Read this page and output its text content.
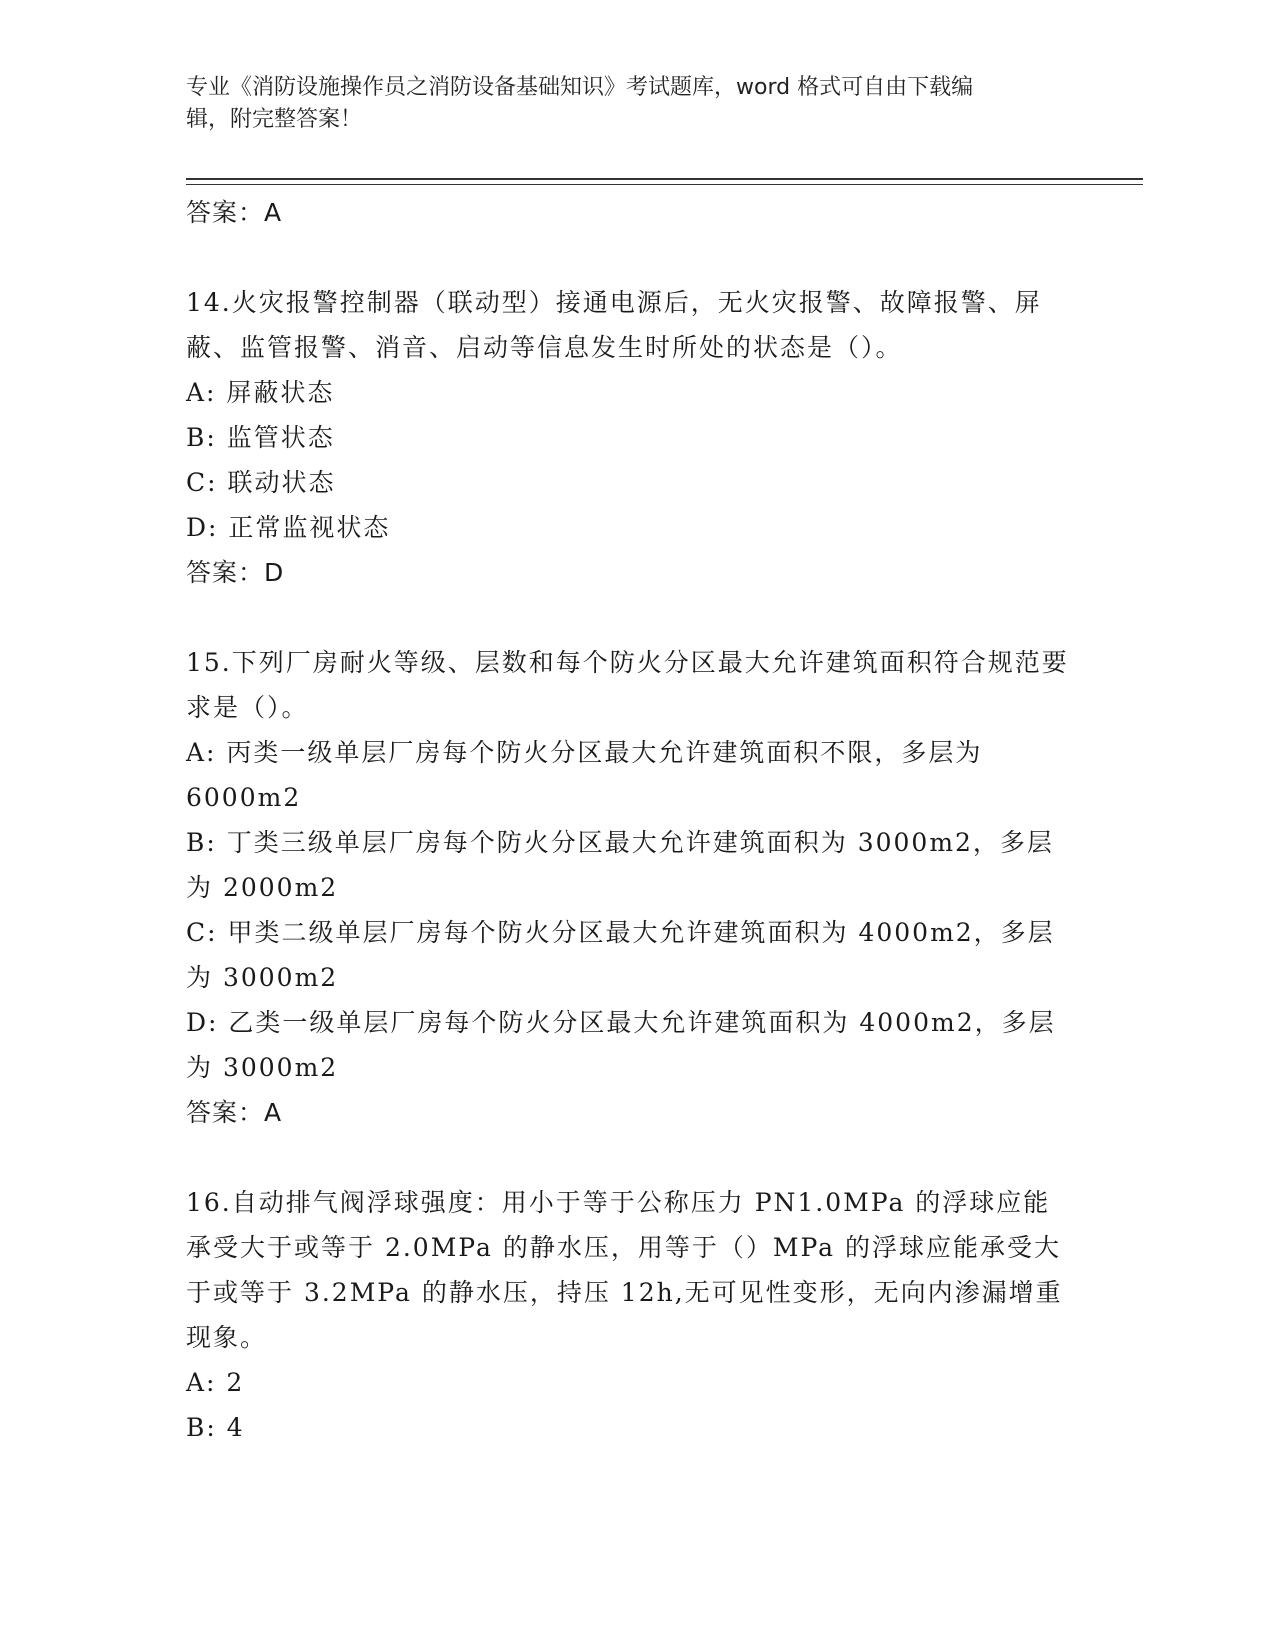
专业《消防设施操作员之消防设备基础知识》考试题库，word 格式可自由下载编
辑，附完整答案！
答案：A
14.火灾报警控制器（联动型）接通电源后，无火灾报警、故障报警、屏蔽、监管报警、消音、启动等信息发生时所处的状态是（）。
A: 屏蔽状态
B: 监管状态
C: 联动状态
D: 正常监视状态
答案：D
15.下列厂房耐火等级、层数和每个防火分区最大允许建筑面积符合规范要求是（）。
A: 丙类一级单层厂房每个防火分区最大允许建筑面积不限，多层为6000m2
B: 丁类三级单层厂房每个防火分区最大允许建筑面积为 3000m2，多层为 2000m2
C: 甲类二级单层厂房每个防火分区最大允许建筑面积为 4000m2，多层为 3000m2
D: 乙类一级单层厂房每个防火分区最大允许建筑面积为 4000m2，多层为 3000m2
答案：A
16.自动排气阀浮球强度：用小于等于公称压力 PN1.0MPa 的浮球应能承受大于或等于 2.0MPa 的静水压，用等于（）MPa 的浮球应能承受大于或等于 3.2MPa 的静水压，持压 12h,无可见性变形，无向内渗漏增重现象。
A: 2
B: 4
